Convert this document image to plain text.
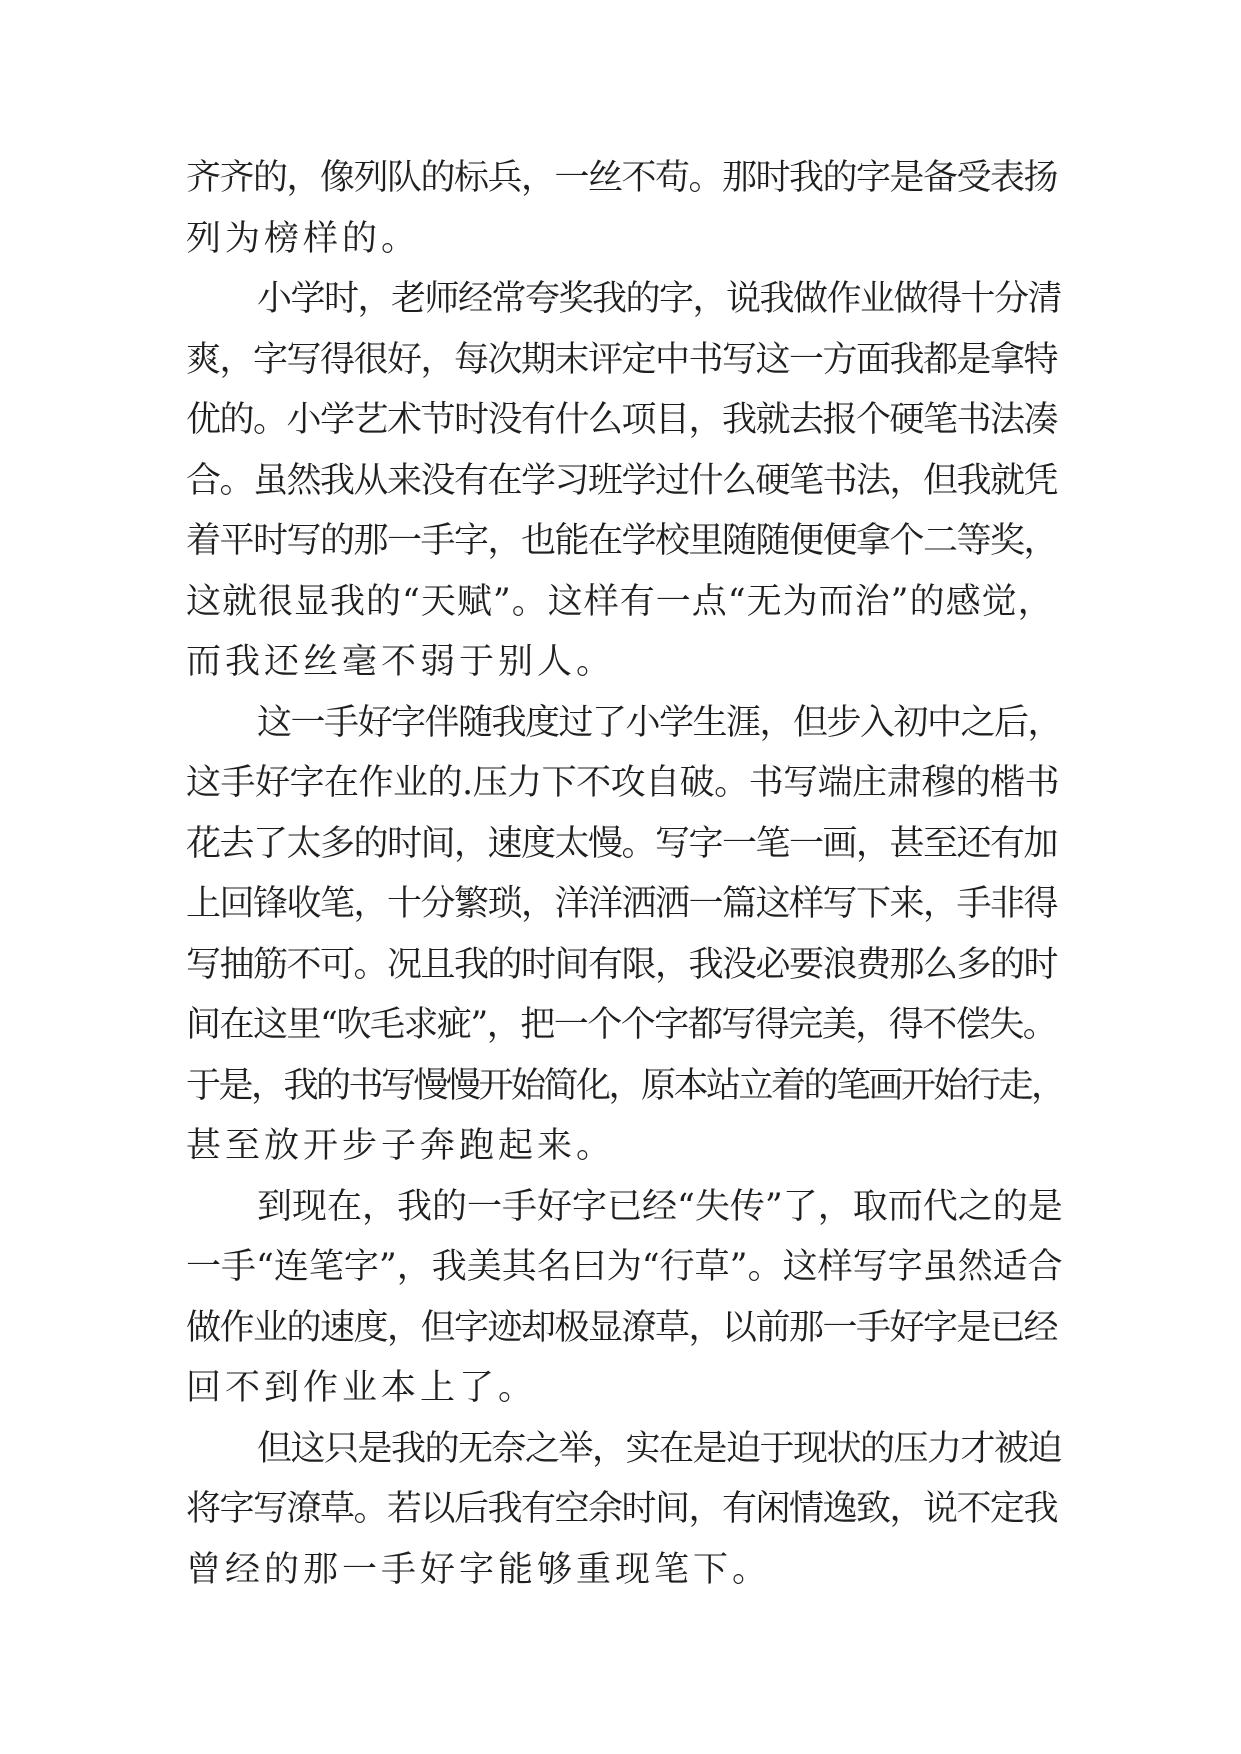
齐齐的，像列队的标兵，一丝不苟。那时我的字是备受表扬
列为榜样的。
小学时，老师经常夸奖我的字，说我做作业做得十分清
爽，字写得很好，每次期末评定中书写这一方面我都是拿特
优的。小学艺术节时没有什么项目，我就去报个硬笔书法凑
合。虽然我从来没有在学习班学过什么硬笔书法，但我就凭
着平时写的那一手字，也能在学校里随随便便拿个二等奖，
这就很显我的“天赋”。这样有一点“无为而治”的感觉，
而我还丝毫不弱于别人。
这一手好字伴随我度过了小学生涯，但步入初中之后，
这手好字在作业的.压力下不攻自破。书写端庄肃穆的楷书
花去了太多的时间，速度太慢。写字一笔一画，甚至还有加
上回锋收笔，十分繁琐，洋洋洒洒一篇这样写下来，手非得
写抽筋不可。况且我的时间有限，我没必要浪费那么多的时
间在这里“吹毛求疵”，把一个个字都写得完美，得不偿失。
于是，我的书写慢慢开始简化，原本站立着的笔画开始行走，
甚至放开步子奔跑起来。
到现在，我的一手好字已经“失传”了，取而代之的是
一手“连笔字”，我美其名曰为“行草”。这样写字虽然适合
做作业的速度，但字迹却极显潦草，以前那一手好字是已经
回不到作业本上了。
但这只是我的无奈之举，实在是迫于现状的压力才被迫
将字写潦草。若以后我有空余时间，有闲情逸致，说不定我
曾经的那一手好字能够重现笔下。
